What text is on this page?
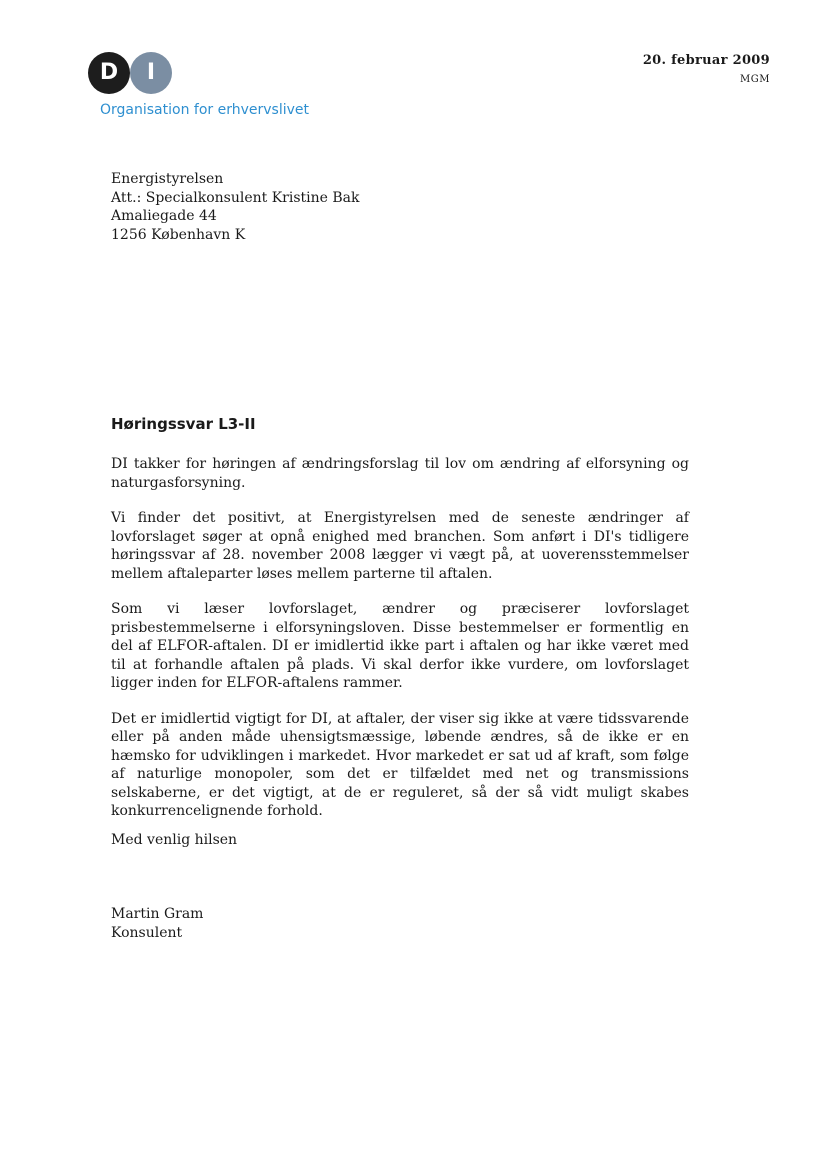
D	I
Organisation for erhvervslivet
20. februar 2009
MGM
Energistyrelsen
Att.: Specialkonsulent Kristine Bak
Amaliegade 44
1256 København K
Høringssvar L3-II

DI takker for høringen af ændringsforslag til lov om ændring af elforsyning og naturgasforsyning.

Vi finder det positivt, at Energistyrelsen med de seneste ændringer af lovforslaget søger at opnå enighed med branchen. Som anført i DI's tidligere høringssvar af 28. november 2008 lægger vi vægt på, at uoverensstemmelser mellem aftaleparter løses mellem parterne til aftalen.

Som vi læser lovforslaget, ændrer og præciserer lovforslaget prisbestemmelserne i elforsyningsloven. Disse bestemmelser er formentlig en del af ELFOR-aftalen. DI er imidlertid ikke part i aftalen og har ikke været med til at forhandle aftalen på plads. Vi skal derfor ikke vurdere, om lovforslaget ligger inden for ELFOR-aftalens rammer.

Det er imidlertid vigtigt for DI, at aftaler, der viser sig ikke at være tidssvarende eller på anden måde uhensigtsmæssige, løbende ændres, så de ikke er en hæmsko for udviklingen i markedet. Hvor markedet er sat ud af kraft, som følge af naturlige monopoler, som det er tilfældet med net og transmissions selskaberne, er det vigtigt, at de er reguleret, så der så vidt muligt skabes konkurrencelignende forhold.

Med venlig hilsen
Martin Gram
Konsulent
